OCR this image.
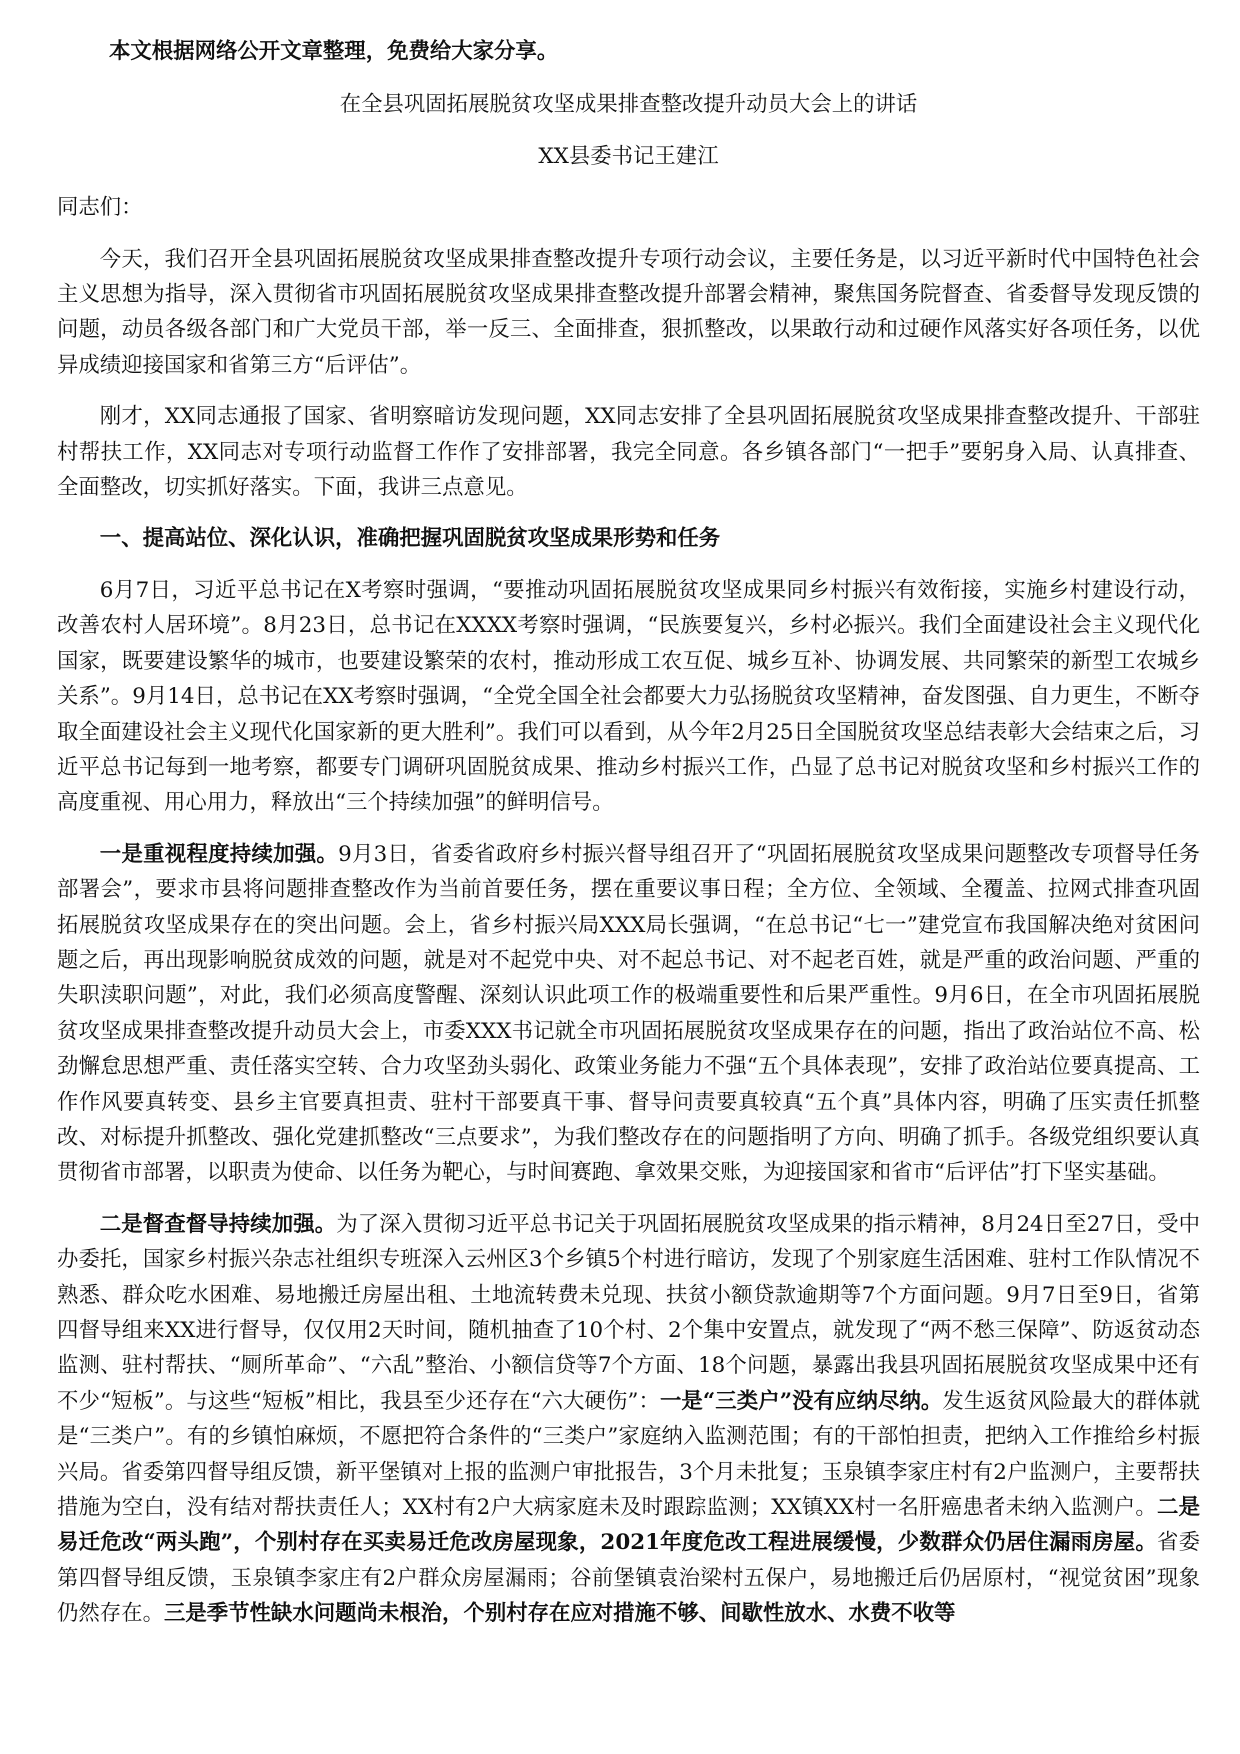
本文根据网络公开文章整理，免费给大家分享。

在全县巩固拓展脱贫攻坚成果排查整改提升动员大会上的讲话

XX县委书记王建江

同志们：

今天，我们召开全县巩固拓展脱贫攻坚成果排查整改提升专项行动会议，主要任务是，以习近平新时代中国特色社会主义思想为指导，深入贯彻省市巩固拓展脱贫攻坚成果排查整改提升部署会精神，聚焦国务院督查、省委督导发现反馈的问题，动员各级各部门和广大党员干部，举一反三、全面排查，狠抓整改，以果敢行动和过硬作风落实好各项任务，以优异成绩迎接国家和省第三方“后评估”。

刚才，XX同志通报了国家、省明察暗访发现问题，XX同志安排了全县巩固拓展脱贫攻坚成果排查整改提升、干部驻村帮扶工作，XX同志对专项行动监督工作作了安排部署，我完全同意。各乡镇各部门“一把手”要躬身入局、认真排查、全面整改，切实抓好落实。下面，我讲三点意见。

一、提高站位、深化认识，准确把握巩固脱贫攻坚成果形势和任务

6月7日，习近平总书记在X考察时强调，“要推动巩固拓展脱贫攻坚成果同乡村振兴有效衔接，实施乡村建设行动，改善农村人居环境”。8月23日，总书记在XXXX考察时强调，“民族要复兴，乡村必振兴。我们全面建设社会主义现代化国家，既要建设繁华的城市，也要建设繁荣的农村，推动形成工农互促、城乡互补、协调发展、共同繁荣的新型工农城乡关系”。9月14日，总书记在XX考察时强调，“全党全国全社会都要大力弘扬脱贫攻坚精神，奋发图强、自力更生，不断夺取全面建设社会主义现代化国家新的更大胜利”。我们可以看到，从今年2月25日全国脱贫攻坚总结表彰大会结束之后，习近平总书记每到一地考察，都要专门调研巩固脱贫成果、推动乡村振兴工作，凸显了总书记对脱贫攻坚和乡村振兴工作的高度重视、用心用力，释放出“三个持续加强”的鲜明信号。

一是重视程度持续加强。9月3日，省委省政府乡村振兴督导组召开了“巩固拓展脱贫攻坚成果问题整改专项督导任务部署会”，要求市县将问题排查整改作为当前首要任务，摆在重要议事日程；全方位、全领域、全覆盖、拉网式排查巩固拓展脱贫攻坚成果存在的突出问题。会上，省乡村振兴局XXX局长强调，“在总书记“七一”建党宣布我国解决绝对贫困问题之后，再出现影响脱贫成效的问题，就是对不起党中央、对不起总书记、对不起老百姓，就是严重的政治问题、严重的失职渎职问题”，对此，我们必须高度警醒、深刻认识此项工作的极端重要性和后果严重性。9月6日，在全市巩固拓展脱贫攻坚成果排查整改提升动员大会上，市委XXX书记就全市巩固拓展脱贫攻坚成果存在的问题，指出了政治站位不高、松劲懈怠思想严重、责任落实空转、合力攻坚劲头弱化、政策业务能力不强“五个具体表现”，安排了政治站位要真提高、工作作风要真转变、县乡主官要真担责、驻村干部要真干事、督导问责要真较真“五个真”具体内容，明确了压实责任抓整改、对标提升抓整改、强化党建抓整改“三点要求”，为我们整改存在的问题指明了方向、明确了抓手。各级党组织要认真贯彻省市部署，以职责为使命、以任务为靶心，与时间赛跑、拿效果交账，为迎接国家和省市“后评估”打下坚实基础。

二是督查督导持续加强。为了深入贯彻习近平总书记关于巩固拓展脱贫攻坚成果的指示精神，8月24日至27日，受中办委托，国家乡村振兴杂志社组织专班深入云州区3个乡镇5个村进行暗访，发现了个别家庭生活困难、驻村工作队情况不熟悉、群众吃水困难、易地搬迁房屋出租、土地流转费未兑现、扶贫小额贷款逾期等7个方面问题。9月7日至9日，省第四督导组来XX进行督导，仅仅用2天时间，随机抽查了10个村、2个集中安置点，就发现了“两不愁三保障”、防返贫动态监测、驻村帮扶、“厕所革命”、“六乱”整治、小额信贷等7个方面、18个问题，暴露出我县巩固拓展脱贫攻坚成果中还有不少“短板”。与这些“短板”相比，我县至少还存在“六大硬伤”：一是“三类户”没有应纳尽纳。发生返贫风险最大的群体就是“三类户”。有的乡镇怕麻烦，不愿把符合条件的“三类户”家庭纳入监测范围；有的干部怕担责，把纳入工作推给乡村振兴局。省委第四督导组反馈，新平堡镇对上报的监测户审批报告，3个月未批复；玉泉镇李家庄村有2户监测户，主要帮扶措施为空白，没有结对帮扶责任人；XX村有2户大病家庭未及时跟踪监测；XX镇XX村一名肝癌患者未纳入监测户。二是易迁危改“两头跑”，个别村存在买卖易迁危改房屋现象，2021年度危改工程进展缓慢，少数群众仍居住漏雨房屋。省委第四督导组反馈，玉泉镇李家庄有2户群众房屋漏雨；谷前堡镇袁治梁村五保户，易地搬迁后仍居原村，“视觉贫困”现象仍然存在。三是季节性缺水问题尚未根治，个别村存在应对措施不够、间歇性放水、水费不收等
